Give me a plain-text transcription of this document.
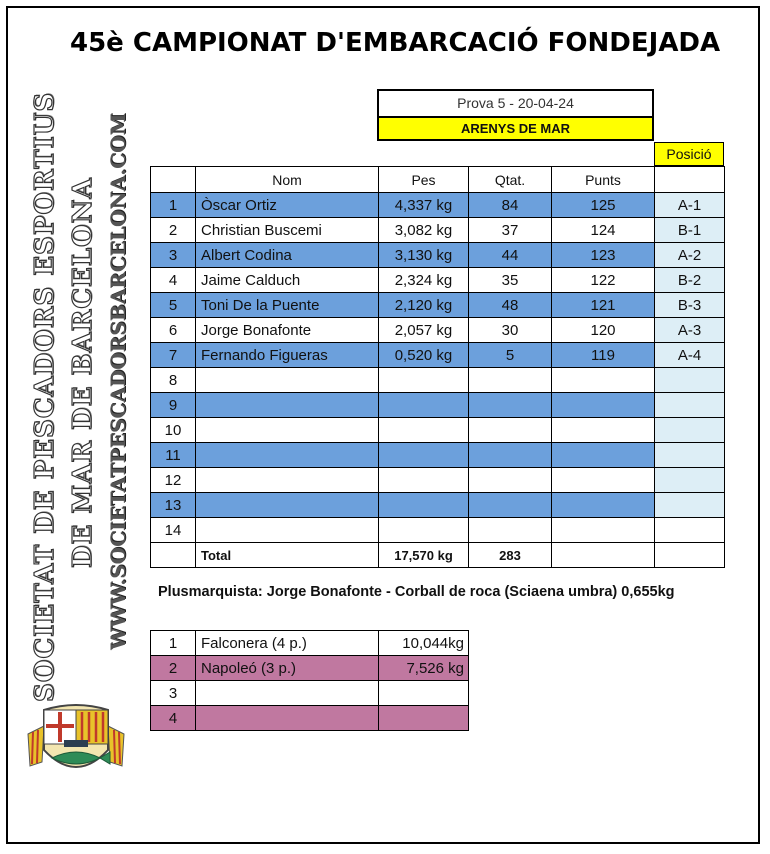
45è CAMPIONAT D'EMBARCACIÓ FONDEJADA
SOCIETAT DE PESCADORS ESPORTIUS DE MAR DE BARCELONA WWW.SOCIETATPESCADORSBARCELONA.COM
Prova 5 - 20-04-24
ARENYS DE MAR
Posició
	Nom	Pes	Qtat.	Punts	
1	Òscar Ortiz	4,337 kg	84	125	A-1
2	Christian Buscemi	3,082 kg	37	124	B-1
3	Albert Codina	3,130 kg	44	123	A-2
4	Jaime Calduch	2,324 kg	35	122	B-2
5	Toni De la Puente	2,120 kg	48	121	B-3
6	Jorge Bonafonte	2,057 kg	30	120	A-3
7	Fernando Figueras	0,520 kg	5	119	A-4
8					
9					
10					
11					
12					
13					
14					
	Total	17,570 kg	283		
Plusmarquista: Jorge Bonafonte - Corball de roca (Sciaena umbra) 0,655kg
1	Falconera (4 p.)	10,044kg
2	Napoleó (3 p.)	7,526 kg
3		
4		
